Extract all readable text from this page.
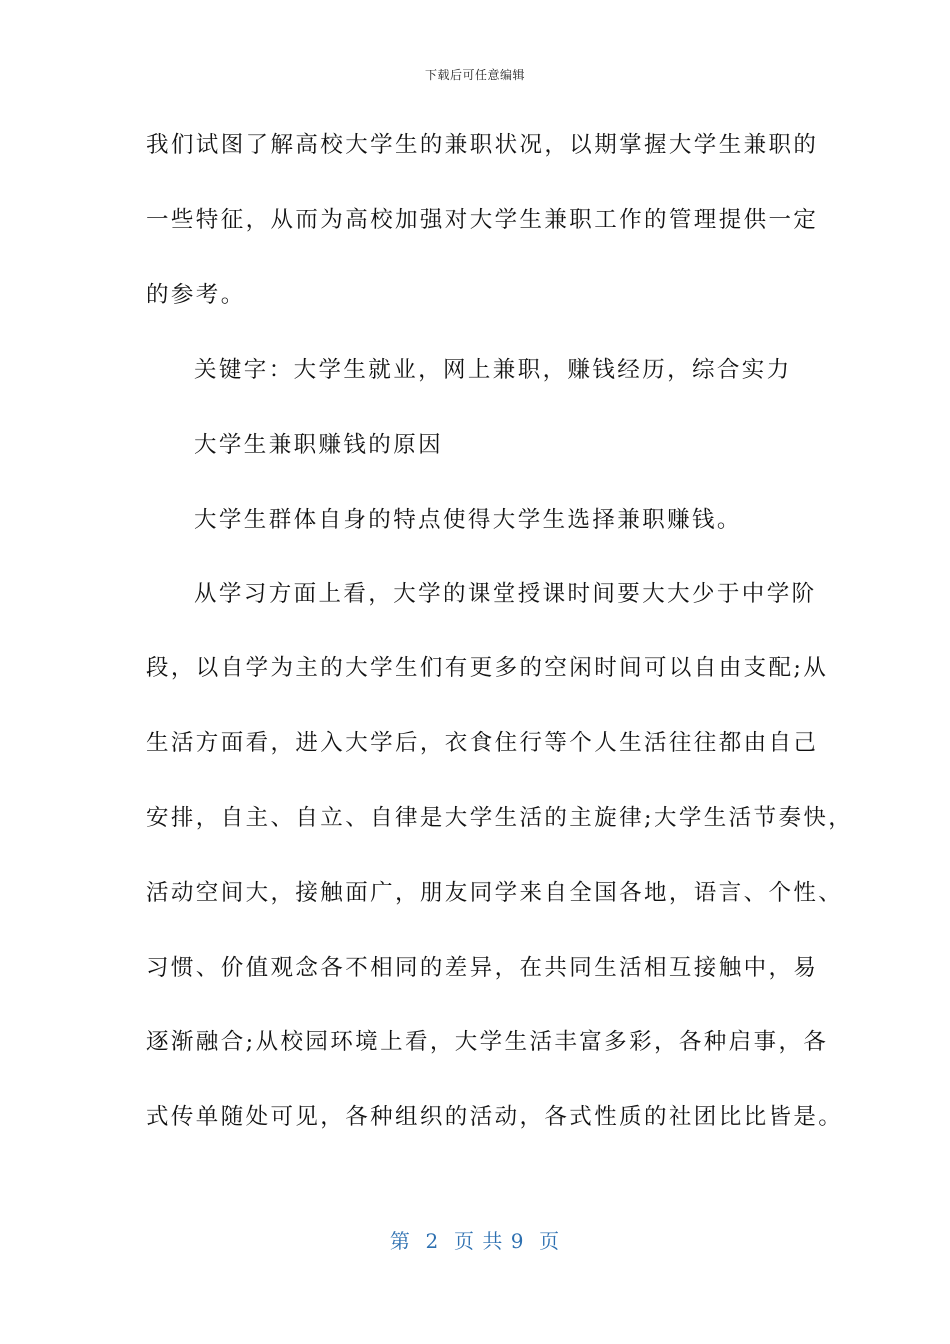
下载后可任意编辑
我们试图了解高校大学生的兼职状况，以期掌握大学生兼职的
一些特征，从而为高校加强对大学生兼职工作的管理提供一定
的参考。
关键字：大学生就业，网上兼职，赚钱经历，综合实力
大学生兼职赚钱的原因
大学生群体自身的特点使得大学生选择兼职赚钱。
从学习方面上看，大学的课堂授课时间要大大少于中学阶
段，以自学为主的大学生们有更多的空闲时间可以自由支配;从
生活方面看，进入大学后，衣食住行等个人生活往往都由自己
安排，自主、自立、自律是大学生活的主旋律;大学生活节奏快，
活动空间大，接触面广，朋友同学来自全国各地，语言、个性、
习惯、价值观念各不相同的差异，在共同生活相互接触中，易
逐渐融合;从校园环境上看，大学生活丰富多彩，各种启事，各
式传单随处可见，各种组织的活动，各式性质的社团比比皆是。
第  2  页 共 9  页
